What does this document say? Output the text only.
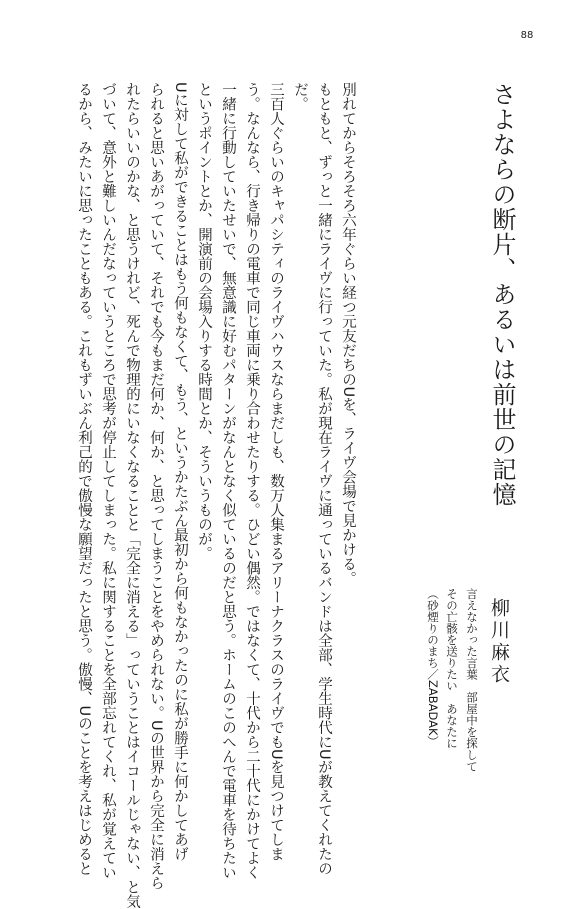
88
さよならの断片、あるいは前世の記憶
柳川麻衣
言えなかった言葉　部屋中を探して
その亡骸を送りたい　あなたに
（砂煙りのまち／ZABADAK）

別れてからそろそろ六年ぐらい経つ元友だちのUを、ライヴ会場で見かける。

もともと、ずっと一緒にライヴに行っていた。私が現在ライヴに通っているバンドは全部、学生時代にUが教えてくれたの

だ。

三百人ぐらいのキャパシティのライヴハウスならまだしも、数万人集まるアリーナクラスのライヴでもUを見つけてしま

う。なんなら、行き帰りの電車で同じ車両に乗り合わせたりする。ひどい偶然。ではなくて、十代から二十代にかけてよく

一緒に行動していたせいで、無意識に好むパターンがなんとなく似ているのだと思う。ホームのこのへんで電車を待ちたい

というポイントとか、開演前の会場入りする時間とか、そういうものが。

Uに対して私ができることはもう何もなくて、もう、というかたぶん最初から何もなかったのに私が勝手に何かしてあげ

られると思いあがっていて、それでも今もまだ何か、何か、と思ってしまうことをやめられない。Uの世界から完全に消えら

れたらいいのかな、と思うけれど、死んで物理的にいなくなることと「完全に消える」っていうことはイコールじゃない、と気

づいて、意外と難しいんだなっていうところで思考が停止してしまった。私に関することを全部忘れてくれ、私が覚えてい

るから、みたいに思ったこともある。これもずいぶん利己的で傲慢な願望だったと思う。傲慢、Uのことを考えはじめると
